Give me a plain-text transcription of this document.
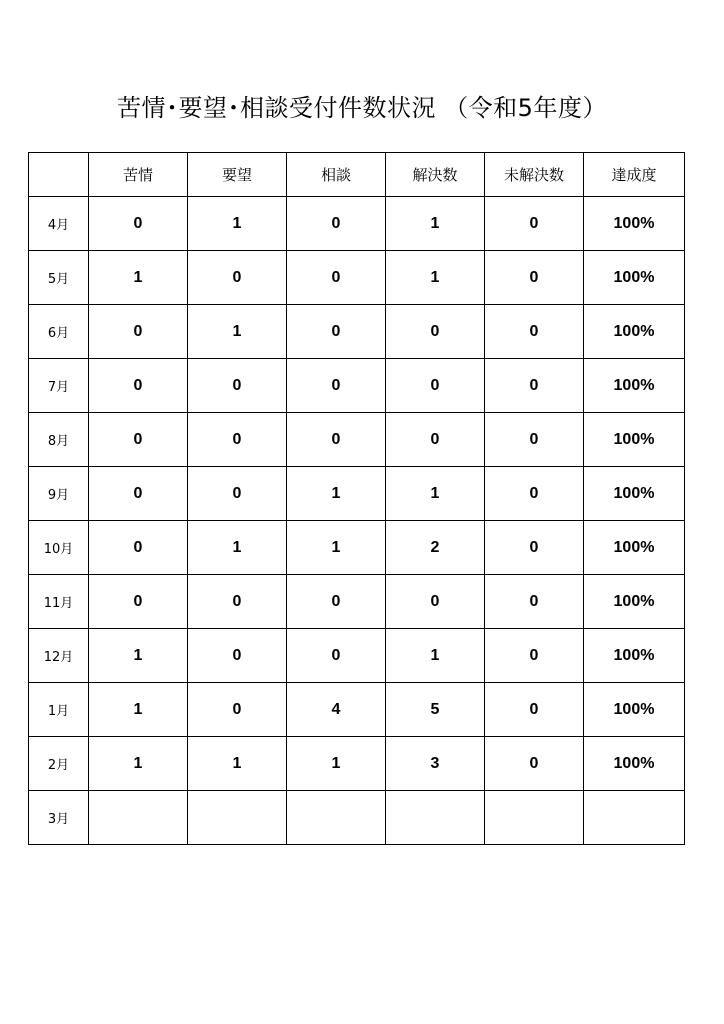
苦情･要望･相談受付件数状況 （令和5年度）
	苦情	要望	相談	解決数	未解決数	達成度
4月	0	1	0	1	0	100%
5月	1	0	0	1	0	100%
6月	0	1	0	0	0	100%
7月	0	0	0	0	0	100%
8月	0	0	0	0	0	100%
9月	0	0	1	1	0	100%
10月	0	1	1	2	0	100%
11月	0	0	0	0	0	100%
12月	1	0	0	1	0	100%
1月	1	0	4	5	0	100%
2月	1	1	1	3	0	100%
3月						
